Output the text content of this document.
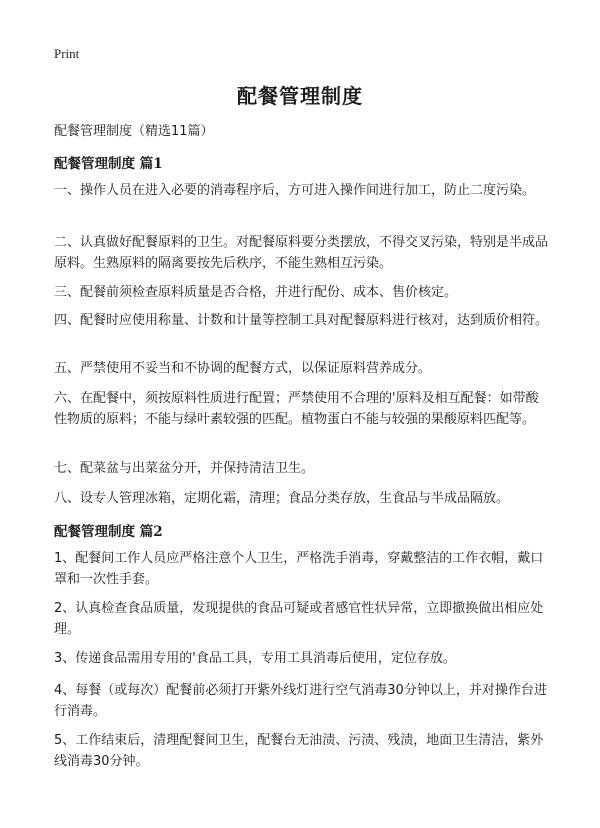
Print
配餐管理制度
配餐管理制度（精选11篇）
配餐管理制度 篇1

一、操作人员在进入必要的消毒程序后，方可进入操作间进行加工，防止二度污染。

二、认真做好配餐原料的卫生。对配餐原料要分类摆放，不得交叉污染，特别是半成品原料。生熟原料的隔离要按先后秩序，不能生熟相互污染。

三、配餐前须检查原料质量是否合格，并进行配份、成本、售价核定。

四、配餐时应使用称量、计数和计量等控制工具对配餐原料进行核对，达到质价相符。

五、严禁使用不妥当和不协调的配餐方式，以保证原料营养成分。

六、在配餐中，须按原料性质进行配置；严禁使用不合理的'原料及相互配餐：如带酸性物质的原料；不能与绿叶素较强的匹配。植物蛋白不能与较强的果酸原料匹配等。

七、配菜盆与出菜盆分开，并保持清洁卫生。

八、设专人管理冰箱，定期化霜，清理；食品分类存放，生食品与半成品隔放。

配餐管理制度 篇2

1、配餐间工作人员应严格注意个人卫生，严格洗手消毒，穿戴整洁的工作衣帽，戴口罩和一次性手套。

2、认真检查食品质量，发现提供的食品可疑或者感官性状异常，立即撤换做出相应处理。

3、传递食品需用专用的'食品工具，专用工具消毒后使用，定位存放。

4、每餐（或每次）配餐前必须打开紫外线灯进行空气消毒30分钟以上，并对操作台进行消毒。

5、工作结束后，清理配餐间卫生，配餐台无油渍、污渍、残渍，地面卫生清洁，紫外线消毒30分钟。
